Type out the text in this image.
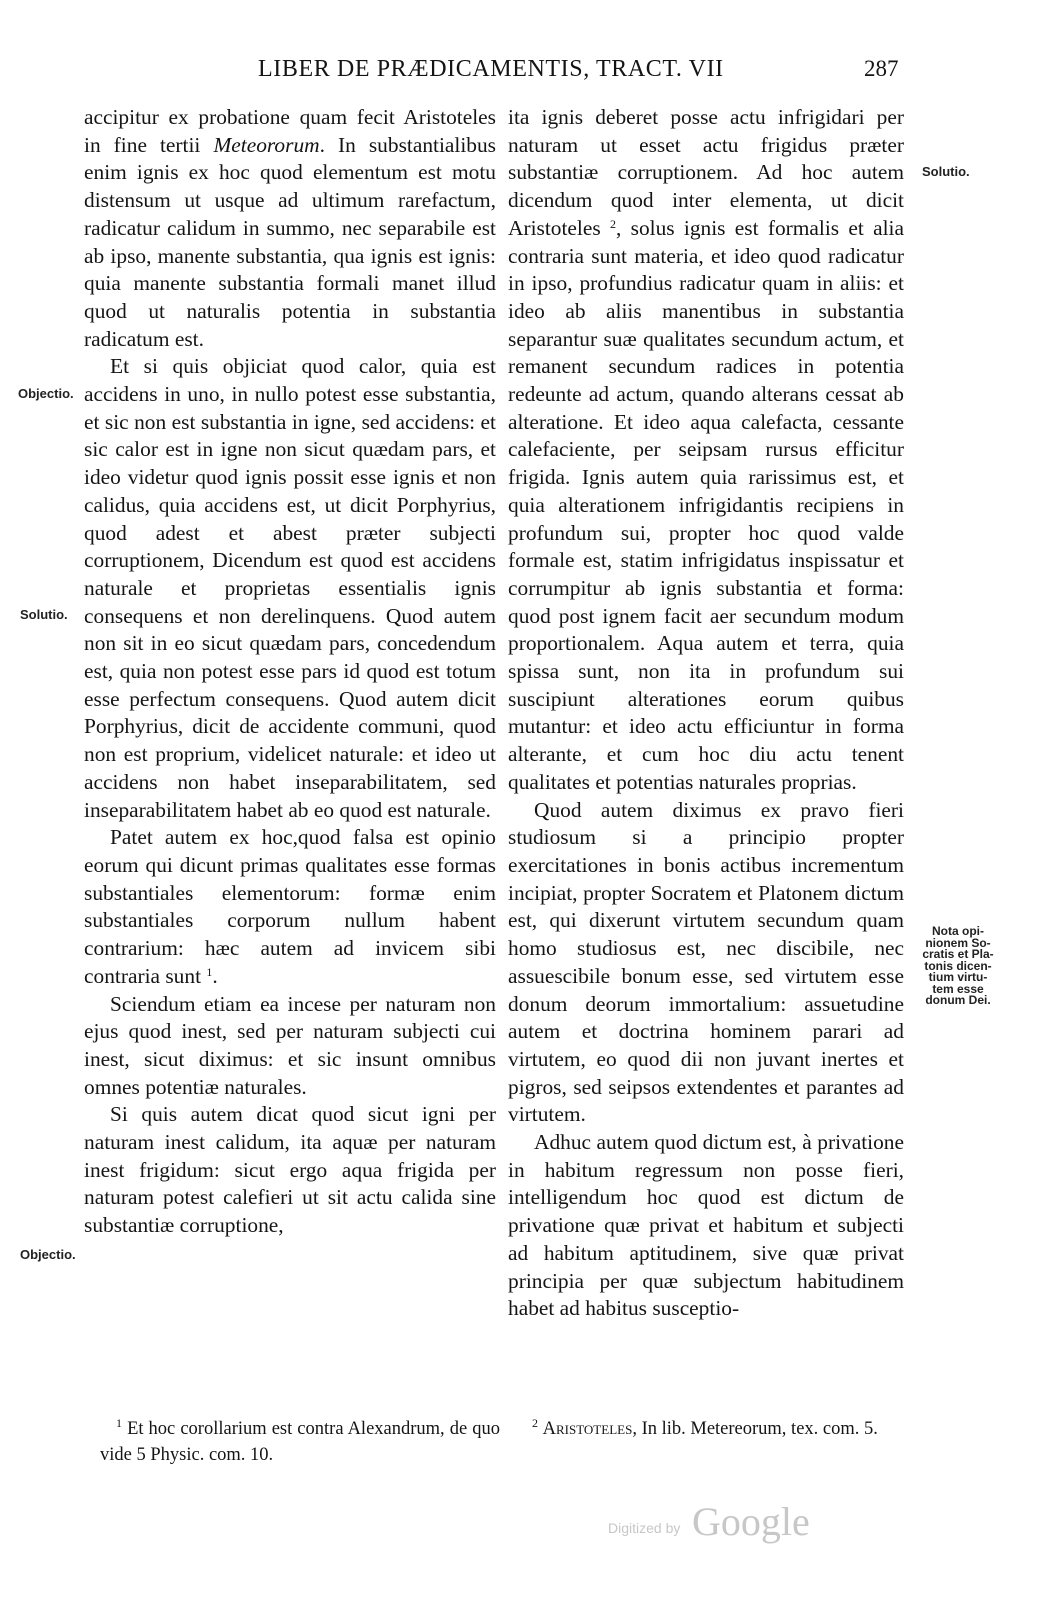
LIBER DE PRÆDICAMENTIS, TRACT. VII	287

accipitur ex probatione quam fecit Aristoteles in fine tertii Meteororum. In substantialibus enim ignis ex hoc quod elementum est motu distensum ut usque ad ultimum rarefactum, radicatur calidum in summo, nec separabile est ab ipso, manente substantia, qua ignis est ignis: quia manente substantia formali manet illud quod ut naturalis potentia in substantia radicatum est.

Et si quis objiciat quod calor, quia est accidens in uno, in nullo potest esse substantia, et sic non est substantia in igne, sed accidens: et sic calor est in igne non sicut quædam pars, et ideo videtur quod ignis possit esse ignis et non calidus, quia accidens est, ut dicit Porphyrius, quod adest et abest præter subjecti corruptionem, Dicendum est quod est accidens naturale et proprietas essentialis ignis consequens et non derelinquens. Quod autem non sit in eo sicut quædam pars, concedendum est, quia non potest esse pars id quod est totum esse perfectum consequens. Quod autem dicit Porphyrius, dicit de accidente communi, quod non est proprium, videlicet naturale: et ideo ut accidens non habet inseparabilitatem, sed inseparabilitatem habet ab eo quod est naturale.

Patet autem ex hoc,quod falsa est opinio eorum qui dicunt primas qualitates esse formas substantiales elementorum: formæ enim substantiales corporum nullum habent contrarium: hæc autem ad invicem sibi contraria sunt $^1$.

Sciendum etiam ea incese per naturam non ejus quod inest, sed per naturam subjecti cui inest, sicut diximus: et sic insunt omnibus omnes potentiæ naturales.

Si quis autem dicat quod sicut igni per naturam inest calidum, ita aquæ per naturam inest frigidum: sicut ergo aqua frigida per naturam potest calefieri ut sit actu calida sine substantiæ corruptione,

ita ignis deberet posse actu infrigidari per naturam ut esset actu frigidus præter substantiæ corruptionem. Ad hoc autem dicendum quod inter elementa, ut dicit Aristoteles $^2$, solus ignis est formalis et alia contraria sunt materia, et ideo quod radicatur in ipso, profundius radicatur quam in aliis: et ideo ab aliis manentibus in substantia separantur suæ qualitates secundum actum, et remanent secundum radices in potentia redeunte ad actum, quando alterans cessat ab alteratione. Et ideo aqua calefacta, cessante calefaciente, per seipsam rursus efficitur frigida. Ignis autem quia rarissimus est, et quia alterationem infrigidantis recipiens in profundum sui, propter hoc quod valde formale est, statim infrigidatus inspissatur et corrumpitur ab ignis substantia et forma: quod post ignem facit aer secundum modum proportionalem. Aqua autem et terra, quia spissa sunt, non ita in profundum sui suscipiunt alterationes eorum quibus mutantur: et ideo actu efficiuntur in forma alterante, et cum hoc diu actu tenent qualitates et potentias naturales proprias.

Quod autem diximus ex pravo fieri studiosum si a principio propter exercitationes in bonis actibus incrementum incipiat, propter Socratem et Platonem dictum est, qui dixerunt virtutem secundum quam homo studiosus est, nec discibile, nec assuescibile bonum esse, sed virtutem esse donum deorum immortalium: assuetudine autem et doctrina hominem parari ad virtutem, eo quod dii non juvant inertes et pigros, sed seipsos extendentes et parantes ad virtutem.

Adhuc autem quod dictum est, à privatione in habitum regressum non posse fieri, intelligendum hoc quod est dictum de privatione quæ privat et habitum et subjecti ad habitum aptitudinem, sive quæ privat principia per quæ subjectum habitudinem habet ad habitus susceptio-

Objectio.
Solutio.
Objectio.
Solutio.
Nota opi-
nionem So-
cratis et Pla-
tonis dicen-
tium virtu-
tem esse
donum Dei.

$^1$ Et hoc corollarium est contra Alexandrum, de quo vide 5 Physic. com. 10.

$^2$ Aristoteles, In lib. Metereorum, tex. com. 5.

Digitized by Google
